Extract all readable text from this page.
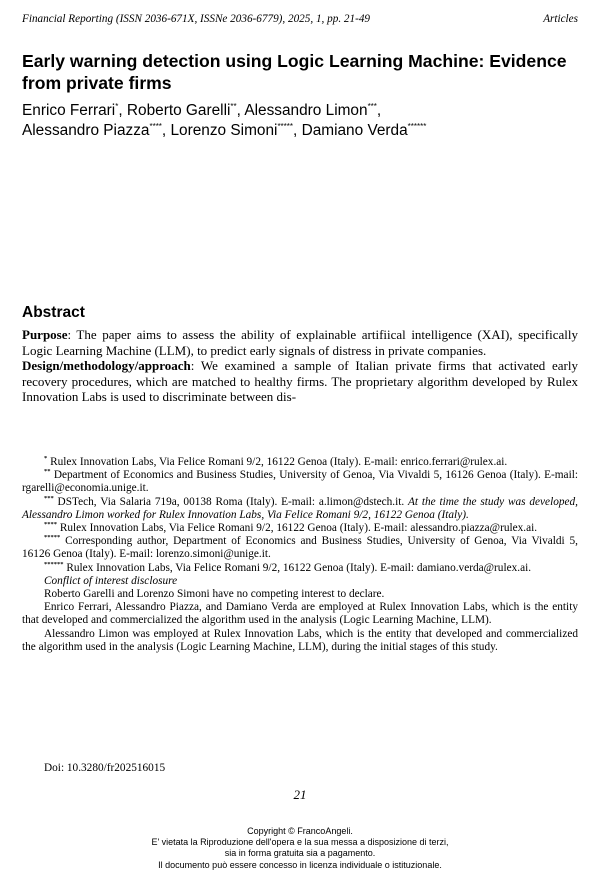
Financial Reporting (ISSN 2036-671X, ISSNe 2036-6779), 2025, 1, pp. 21-49	Articles
Early warning detection using Logic Learning Machine: Evidence from private firms
Enrico Ferrari*, Roberto Garelli**, Alessandro Limon***,
Alessandro Piazza****, Lorenzo Simoni*****, Damiano Verda******
Abstract

Purpose: The paper aims to assess the ability of explainable artifiical intelligence (XAI), specifically Logic Learning Machine (LLM), to predict early signals of distress in private companies.

Design/methodology/approach: We examined a sample of Italian private firms that activated early recovery procedures, which are matched to healthy firms. The proprietary algorithm developed by Rulex Innovation Labs is used to discriminate between dis-

* Rulex Innovation Labs, Via Felice Romani 9/2, 16122 Genoa (Italy). E-mail: enrico.ferrari@rulex.ai.

** Department of Economics and Business Studies, University of Genoa, Via Vivaldi 5, 16126 Genoa (Italy). E-mail: rgarelli@economia.unige.it.

*** DSTech, Via Salaria 719a, 00138 Roma (Italy). E-mail: a.limon@dstech.it. At the time the study was developed, Alessandro Limon worked for Rulex Innovation Labs, Via Felice Romani 9/2, 16122 Genoa (Italy).

**** Rulex Innovation Labs, Via Felice Romani 9/2, 16122 Genoa (Italy). E-mail: alessandro.piazza@rulex.ai.

***** Corresponding author, Department of Economics and Business Studies, University of Genoa, Via Vivaldi 5, 16126 Genoa (Italy). E-mail: lorenzo.simoni@unige.it.

****** Rulex Innovation Labs, Via Felice Romani 9/2, 16122 Genoa (Italy). E-mail: damiano.verda@rulex.ai.

Conflict of interest disclosure

Roberto Garelli and Lorenzo Simoni have no competing interest to declare.

Enrico Ferrari, Alessandro Piazza, and Damiano Verda are employed at Rulex Innovation Labs, which is the entity that developed and commercialized the algorithm used in the analysis (Logic Learning Machine, LLM).

Alessandro Limon was employed at Rulex Innovation Labs, which is the entity that developed and commercialized the algorithm used in the analysis (Logic Learning Machine, LLM), during the initial stages of this study.

Doi: 10.3280/fr202516015
21
Copyright © FrancoAngeli.
E' vietata la Riproduzione dell'opera e la sua messa a disposizione di terzi,
sia in forma gratuita sia a pagamento.
Il documento può essere concesso in licenza individuale o istituzionale.
